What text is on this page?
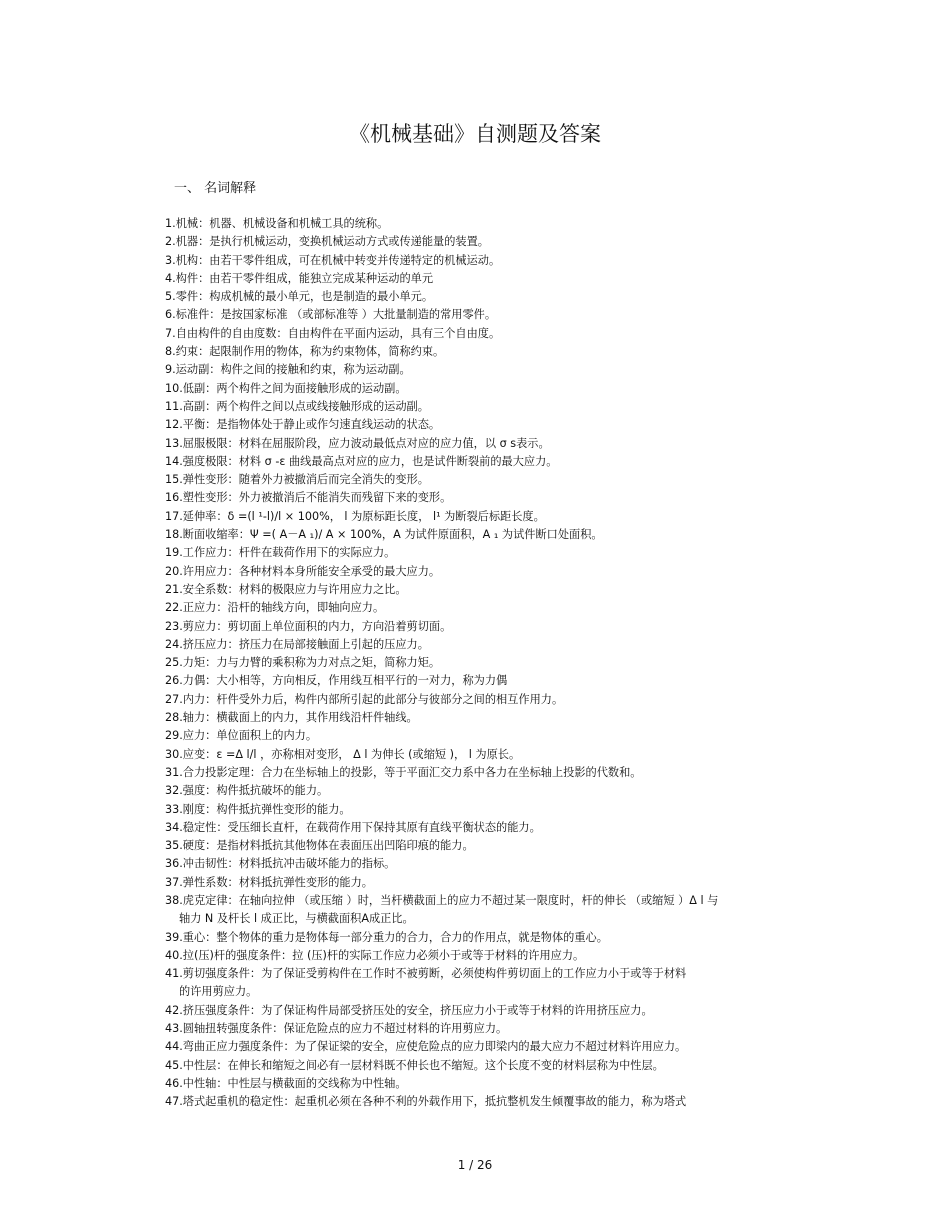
《机械基础》自测题及答案
一、 名词解释
1.机械：机器、机械设备和机械工具的统称。
2.机器：是执行机械运动，变换机械运动方式或传递能量的装置。
3.机构：由若干零件组成，可在机械中转变并传递特定的机械运动。
4.构件：由若干零件组成，能独立完成某种运动的单元
5.零件：构成机械的最小单元，也是制造的最小单元。
6.标准件：是按国家标准 （或部标准等 ）大批量制造的常用零件。
7.自由构件的自由度数：自由构件在平面内运动，具有三个自由度。
8.约束：起限制作用的物体，称为约束物体，简称约束。
9.运动副：构件之间的接触和约束，称为运动副。
10.低副：两个构件之间为面接触形成的运动副。
11.高副：两个构件之间以点或线接触形成的运动副。
12.平衡：是指物体处于静止或作匀速直线运动的状态。
13.屈服极限：材料在屈服阶段，应力波动最低点对应的应力值，以 σ s表示。
14.强度极限：材料 σ -ε 曲线最高点对应的应力，也是试件断裂前的最大应力。
15.弹性变形：随着外力被撤消后而完全消失的变形。
16.塑性变形：外力被撤消后不能消失而残留下来的变形。
17.延伸率：δ =(l ¹-l)/l × 100%， l 为原标距长度， l¹ 为断裂后标距长度。
18.断面收缩率：Ψ =( A－A ₁)/ A × 100%，A 为试件原面积，A ₁ 为试件断口处面积。
19.工作应力：杆件在载荷作用下的实际应力。
20.许用应力：各种材料本身所能安全承受的最大应力。
21.安全系数：材料的极限应力与许用应力之比。
22.正应力：沿杆的轴线方向，即轴向应力。
23.剪应力：剪切面上单位面积的内力，方向沿着剪切面。
24.挤压应力：挤压力在局部接触面上引起的压应力。
25.力矩：力与力臂的乘积称为力对点之矩，简称力矩。
26.力偶：大小相等，方向相反，作用线互相平行的一对力，称为力偶
27.内力：杆件受外力后，构件内部所引起的此部分与彼部分之间的相互作用力。
28.轴力：横截面上的内力，其作用线沿杆件轴线。
29.应力：单位面积上的内力。
30.应变：ε =Δ l/l ，亦称相对变形， Δ l 为伸长 (或缩短 )， l 为原长。
31.合力投影定理：合力在坐标轴上的投影，等于平面汇交力系中各力在坐标轴上投影的代数和。
32.强度：构件抵抗破坏的能力。
33.刚度：构件抵抗弹性变形的能力。
34.稳定性：受压细长直杆，在载荷作用下保持其原有直线平衡状态的能力。
35.硬度：是指材料抵抗其他物体在表面压出凹陷印痕的能力。
36.冲击韧性：材料抵抗冲击破坏能力的指标。
37.弹性系数：材料抵抗弹性变形的能力。
38.虎克定律：在轴向拉伸 （或压缩 ）时，当杆横截面上的应力不超过某一限度时，杆的伸长 （或缩短 ）Δ l 与
轴力 N 及杆长 l 成正比，与横截面积A成正比。
39.重心：整个物体的重力是物体每一部分重力的合力，合力的作用点，就是物体的重心。
40.拉(压)杆的强度条件：拉 (压)杆的实际工作应力必须小于或等于材料的许用应力。
41.剪切强度条件：为了保证受剪构件在工作时不被剪断，必须使构件剪切面上的工作应力小于或等于材料
的许用剪应力。
42.挤压强度条件：为了保证构件局部受挤压处的安全，挤压应力小于或等于材料的许用挤压应力。
43.圆轴扭转强度条件：保证危险点的应力不超过材料的许用剪应力。
44.弯曲正应力强度条件：为了保证梁的安全，应使危险点的应力即梁内的最大应力不超过材料许用应力。
45.中性层：在伸长和缩短之间必有一层材料既不伸长也不缩短。这个长度不变的材料层称为中性层。
46.中性轴：中性层与横截面的交线称为中性轴。
47.塔式起重机的稳定性：起重机必须在各种不利的外载作用下，抵抗整机发生倾覆事故的能力，称为塔式
1 / 26
